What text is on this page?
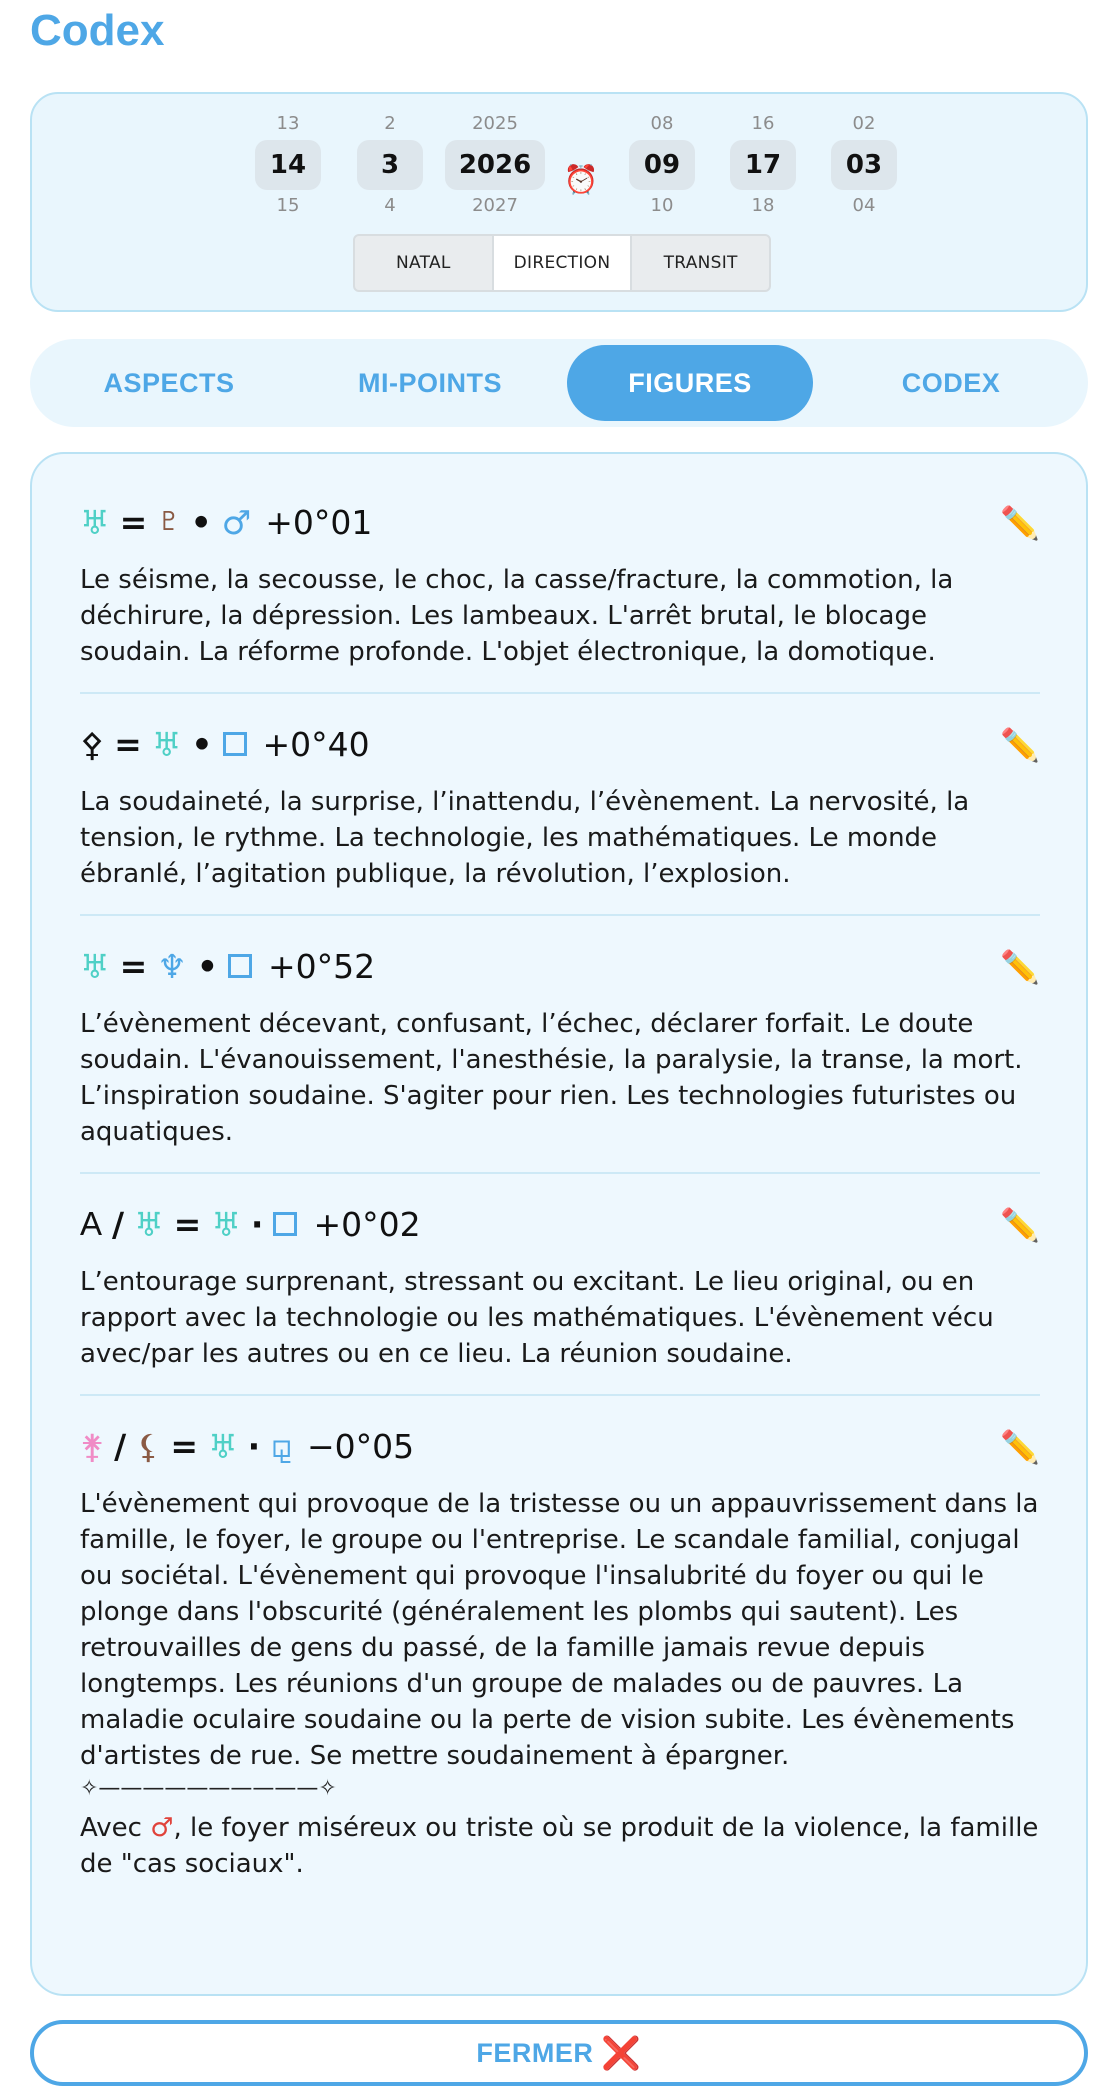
Codex
13
14
15
2
3
4
2025
2026
2027
⏰
08
09
10
16
17
18
02
03
04
NATAL	DIRECTION	TRANSIT
ASPECTS	MI-POINTS	FIGURES	CODEX
♅ = ♇ • ♂ +0°01	✏️

Le séisme, la secousse, le choc, la casse/fracture, la commotion, la déchirure, la dépression. Les lambeaux. L'arrêt brutal, le blocage soudain. La réforme profonde. L'objet électronique, la domotique.

⚴ = ♅ • +0°40	✏️

La soudaineté, la surprise, l’inattendu, l’évènement. La nervosité, la tension, le rythme. La technologie, les mathématiques. Le monde ébranlé, l’agitation publique, la révolution, l’explosion.

♅ = ♆ • +0°52	✏️

L’évènement décevant, confusant, l’échec, déclarer forfait. Le doute soudain. L'évanouissement, l'anesthésie, la paralysie, la transe, la mort. L’inspiration soudaine. S'agiter pour rien. Les technologies futuristes ou aquatiques.

A / ♅ = ♅ · +0°02	✏️

L’entourage surprenant, stressant ou excitant. Le lieu original, ou en rapport avec la technologie ou les mathématiques. L'évènement vécu avec/par les autres ou en ce lieu. La réunion soudaine.

⚵ / ⚸ = ♅ · ⚼ −0°05	✏️

L'évènement qui provoque de la tristesse ou un appauvrissement dans la famille, le foyer, le groupe ou l'entreprise. Le scandale familial, conjugal ou sociétal. L'évènement qui provoque l'insalubrité du foyer ou qui le plonge dans l'obscurité (généralement les plombs qui sautent). Les retrouvailles de gens du passé, de la famille jamais revue depuis longtemps. Les réunions d'un groupe de malades ou de pauvres. La maladie oculaire soudaine ou la perte de vision subite. Les évènements d'artistes de rue. Se mettre soudainement à épargner.

✧——————————✧

Avec ♂, le foyer miséreux ou triste où se produit de la violence, la famille de "cas sociaux".

FERMER ❌
